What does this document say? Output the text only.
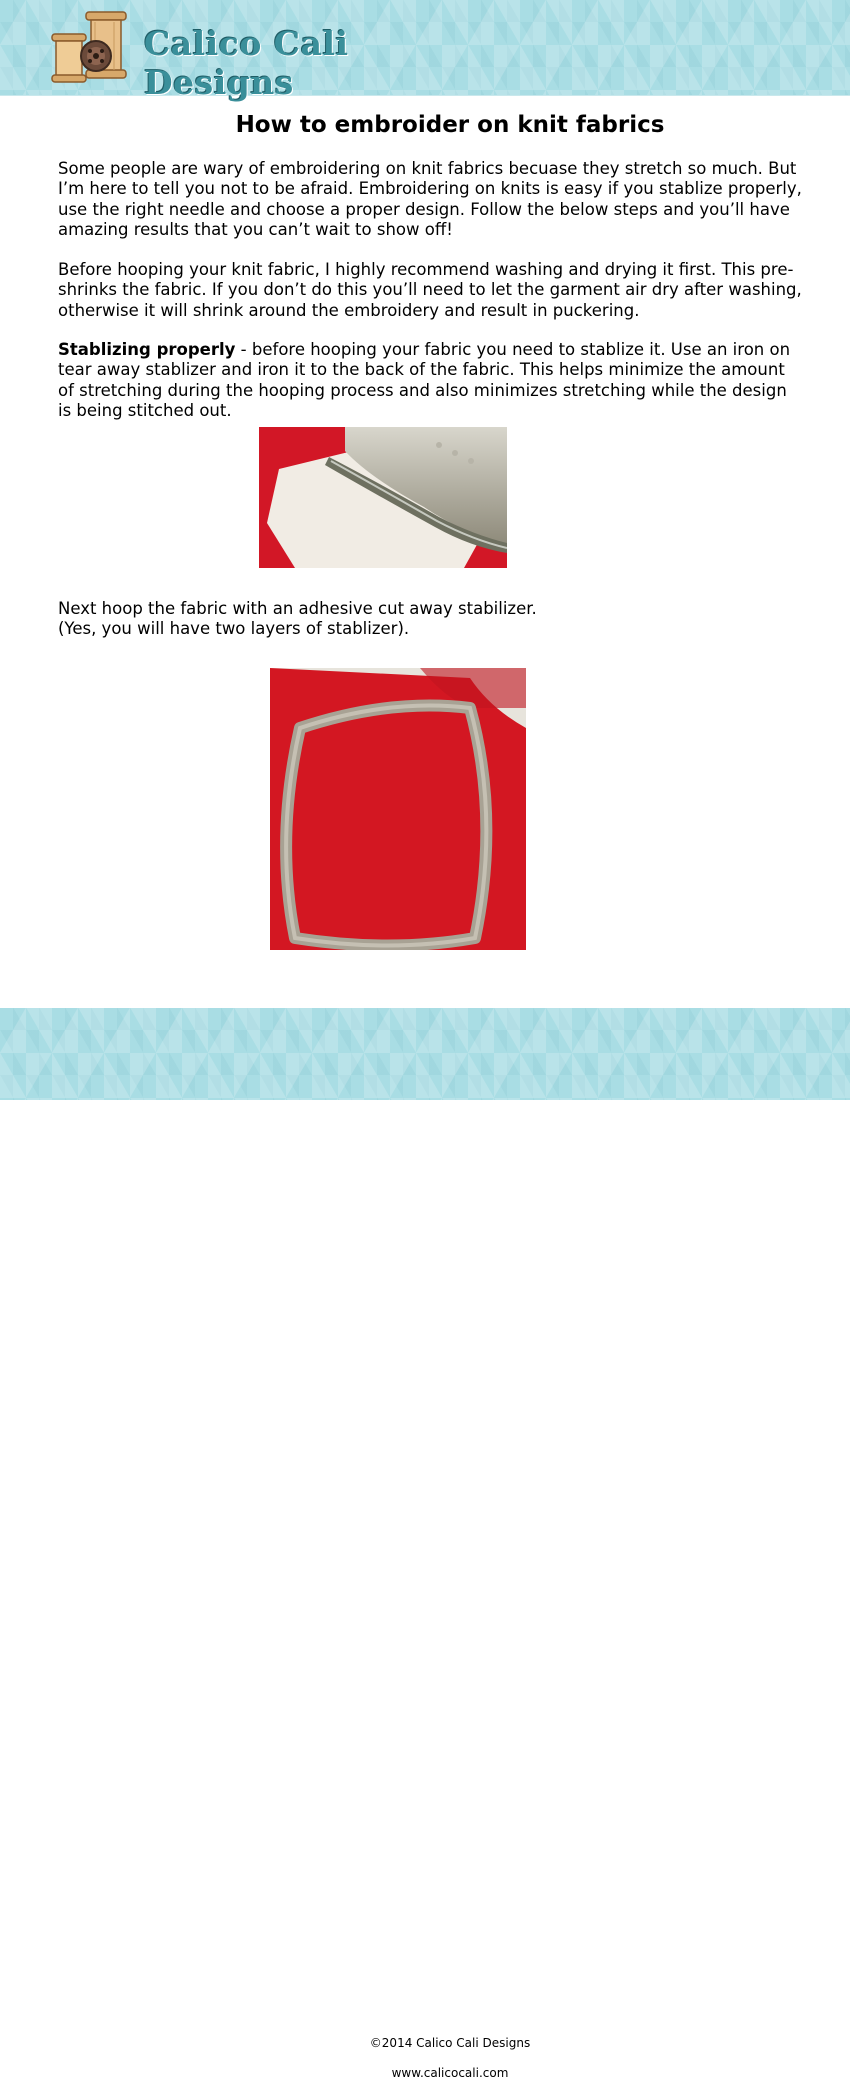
Calico Cali Designs
How to embroider on knit fabrics

Some people are wary of embroidering on knit fabrics becuase they stretch so much. But I’m here to tell you not to be afraid. Embroidering on knits is easy if you stablize properly, use the right needle and choose a proper design. Follow the below steps and you’ll have amazing results that you can’t wait to show off!

Before hooping your knit fabric, I highly recommend washing and drying it first. This pre-shrinks the fabric. If you don’t do this you’ll need to let the garment air dry after washing, otherwise it will shrink around the embroidery and result in puckering.

Stablizing properly - before hooping your fabric you need to stablize it. Use an iron on tear away stablizer and iron it to the back of the fabric. This helps minimize the amount of stretching during the hooping process and also minimizes stretching while the design is being stitched out.

Next hoop the fabric with an adhesive cut away stabilizer.
(Yes, you will have two layers of stablizer).

©2014 Calico Cali Designs
www.calicocali.com
